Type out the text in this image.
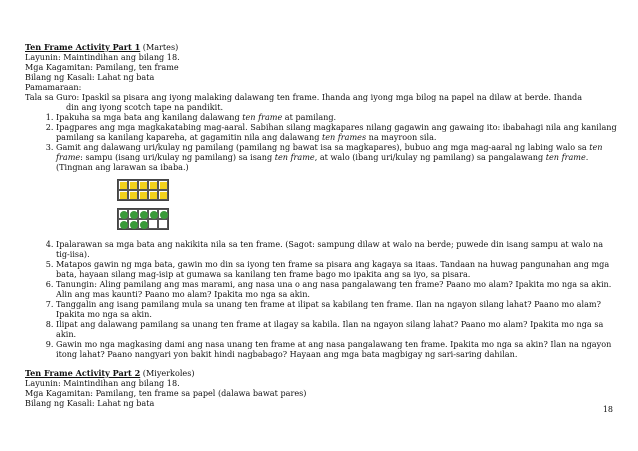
Ten Frame Activity Part 1 (Martes)
Layunin: Maintindihan ang bilang 18.
Mga Kagamitan: Pamilang, ten frame
Bilang ng Kasali: Lahat ng bata
Pamamaraan:
Tala sa Guro: Ipaskil sa pisara ang iyong malaking dalawang ten frame. Ihanda ang iyong mga bilog na papel na dilaw at berde. Ihanda
din ang iyong scotch tape na pandikit.
1. Ipakuha sa mga bata ang kanilang dalawang ten frame at pamilang.
2. Ipagpares ang mga magkakatabing mag-aaral. Sabihan silang magkapares nilang gagawin ang gawaing ito: ibabahagi nila ang kanilang pamilang sa kanilang kapareha, at gagamitin nila ang dalawang ten frames na mayroon sila.
3. Gamit ang dalawang uri/kulay ng pamilang (pamilang ng bawat isa sa magkapares), bubuo ang mga mag-aaral ng labing walo sa ten frame: sampu (isang uri/kulay ng pamilang) sa isang ten frame, at walo (ibang uri/kulay ng pamilang) sa pangalawang ten frame. (Tingnan ang larawan sa ibaba.)
4. Ipalarawan sa mga bata ang nakikita nila sa ten frame. (Sagot: sampung dilaw at walo na berde; puwede din isang sampu at walo na tig-iisa).
5. Matapos gawin ng mga bata, gawin mo din sa iyong ten frame sa pisara ang kagaya sa itaas. Tandaan na huwag pangunahan ang mga bata, hayaan silang mag-isip at gumawa sa kanilang ten frame bago mo ipakita ang sa iyo, sa pisara.
6. Tanungin: Aling pamilang ang mas marami, ang nasa una o ang nasa pangalawang ten frame? Paano mo alam? Ipakita mo nga sa akin. Alin ang mas kaunti? Paano mo alam? Ipakita mo nga sa akin.
7. Tanggalin ang isang pamilang mula sa unang ten frame at ilipat sa kabilang ten frame. Ilan na ngayon silang lahat? Paano mo alam? Ipakita mo nga sa akin.
8. Ilipat ang dalawang pamilang sa unang ten frame at ilagay sa kabila. Ilan na ngayon silang lahat? Paano mo alam? Ipakita mo nga sa akin.
9. Gawin mo nga magkasing dami ang nasa unang ten frame at ang nasa pangalawang ten frame. Ipakita mo nga sa akin? Ilan na ngayon itong lahat? Paano nangyari yon bakit hindi nagbabago? Hayaan ang mga bata magbigay ng sari-saring dahilan.
Ten Frame Activity Part 2 (Miyerkoles)
Layunin: Maintindihan ang bilang 18.
Mga Kagamitan: Pamilang, ten frame sa papel (dalawa bawat pares)
Bilang ng Kasali: Lahat ng bata
18
